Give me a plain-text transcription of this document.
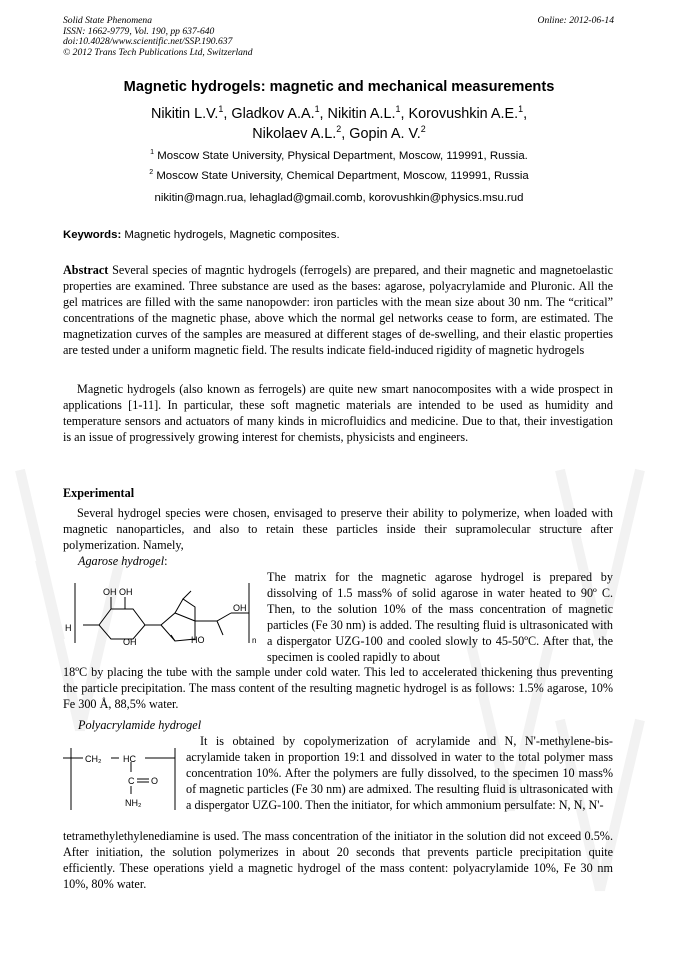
Solid State Phenomena
ISSN: 1662-9779, Vol. 190, pp 637-640
doi:10.4028/www.scientific.net/SSP.190.637
© 2012 Trans Tech Publications Ltd, Switzerland
Online: 2012-06-14
Magnetic hydrogels: magnetic and mechanical measurements
Nikitin L.V.$^1$, Gladkov A.A.$^1$, Nikitin A.L.$^1$, Korovushkin A.E.$^1$,
Nikolaev A.L.$^2$, Gopin A. V.$^2$
$^1$ Moscow State University, Physical Department, Moscow, 119991, Russia.
$^2$ Moscow State University, Chemical Department, Moscow, 119991, Russia
nikitin@magn.rua, lehaglad@gmail.comb, korovushkin@physics.msu.rud
Keywords: Magnetic hydrogels, Magnetic composites.

Abstract Several species of magntic hydrogels (ferrogels) are prepared, and their magnetic and magnetoelastic properties are examined. Three substance are used as the bases: agarose, polyacrylamide and Pluronic. All the gel matrices are filled with the same nanopowder: iron particles with the mean size about 30 nm. The “critical” concentrations of the magnetic phase, above which the normal gel networks cease to form, are estimated. The magnetization curves of the samples are measured at different stages of de-swelling, and their elastic properties are tested under a uniform magnetic field. The results indicate field-induced rigidity of magnetic hydrogels

Magnetic hydrogels (also known as ferrogels) are quite new smart nanocomposites with a wide prospect in applications [1-11]. In particular, these soft magnetic materials are intended to be used as humidity and temperature sensors and actuators of many kinds in microfluidics and medicine. Due to that, their investigation is an issue of progressively growing interest for chemists, physicists and engineers.

Experimental

Several hydrogel species were chosen, envisaged to preserve their ability to polymerize, when loaded with magnetic nanoparticles, and also to retain these particles inside their supramolecular structure after polymerization. Namely,

Agarose hydrogel:
H
OH OH
OH	HO
OH
n
The matrix for the magnetic agarose hydrogel is prepared by dissolving of 1.5 mass% of solid agarose in water heated to 90º C. Then, to the solution 10% of the mass concentration of magnetic particles (Fe 30 nm) is added. The resulting fluid is ultrasonicated with a dispergator UZG-100 and cooled slowly to 45-50ºC. After that, the specimen is cooled rapidly to about

18ºC by placing the tube with the sample under cold water. This led to accelerated thickening thus preventing the particle precipitation. The mass content of the resulting magnetic hydrogel is as follows: 1.5% agarose, 10% Fe 300 Å, 88,5% water.

Polyacrylamide hydrogel
CH₂ HC
C O
NH₂
It is obtained by copolymerization of acrylamide and N, N'-methylene-bis-acrylamide taken in proportion 19:1 and dissolved in water to the total polymer mass concentration 10%. After the polymers are fully dissolved, to the specimen 10 mass% of magnetic particles (Fe 30 nm) are admixed. The resulting fluid is ultrasonicated with a dispergator UZG-100. Then the initiator, for which ammonium persulfate: N, N, N'-

tetramethylethylenediamine is used. The mass concentration of the initiator in the solution did not exceed 0.5%. After initiation, the solution polymerizes in about 20 seconds that prevents particle precipitation quite efficiently. These operations yield a magnetic hydrogel of the mass content: polyacrylamide 10%, Fe 30 nm 10%, 80% water.
